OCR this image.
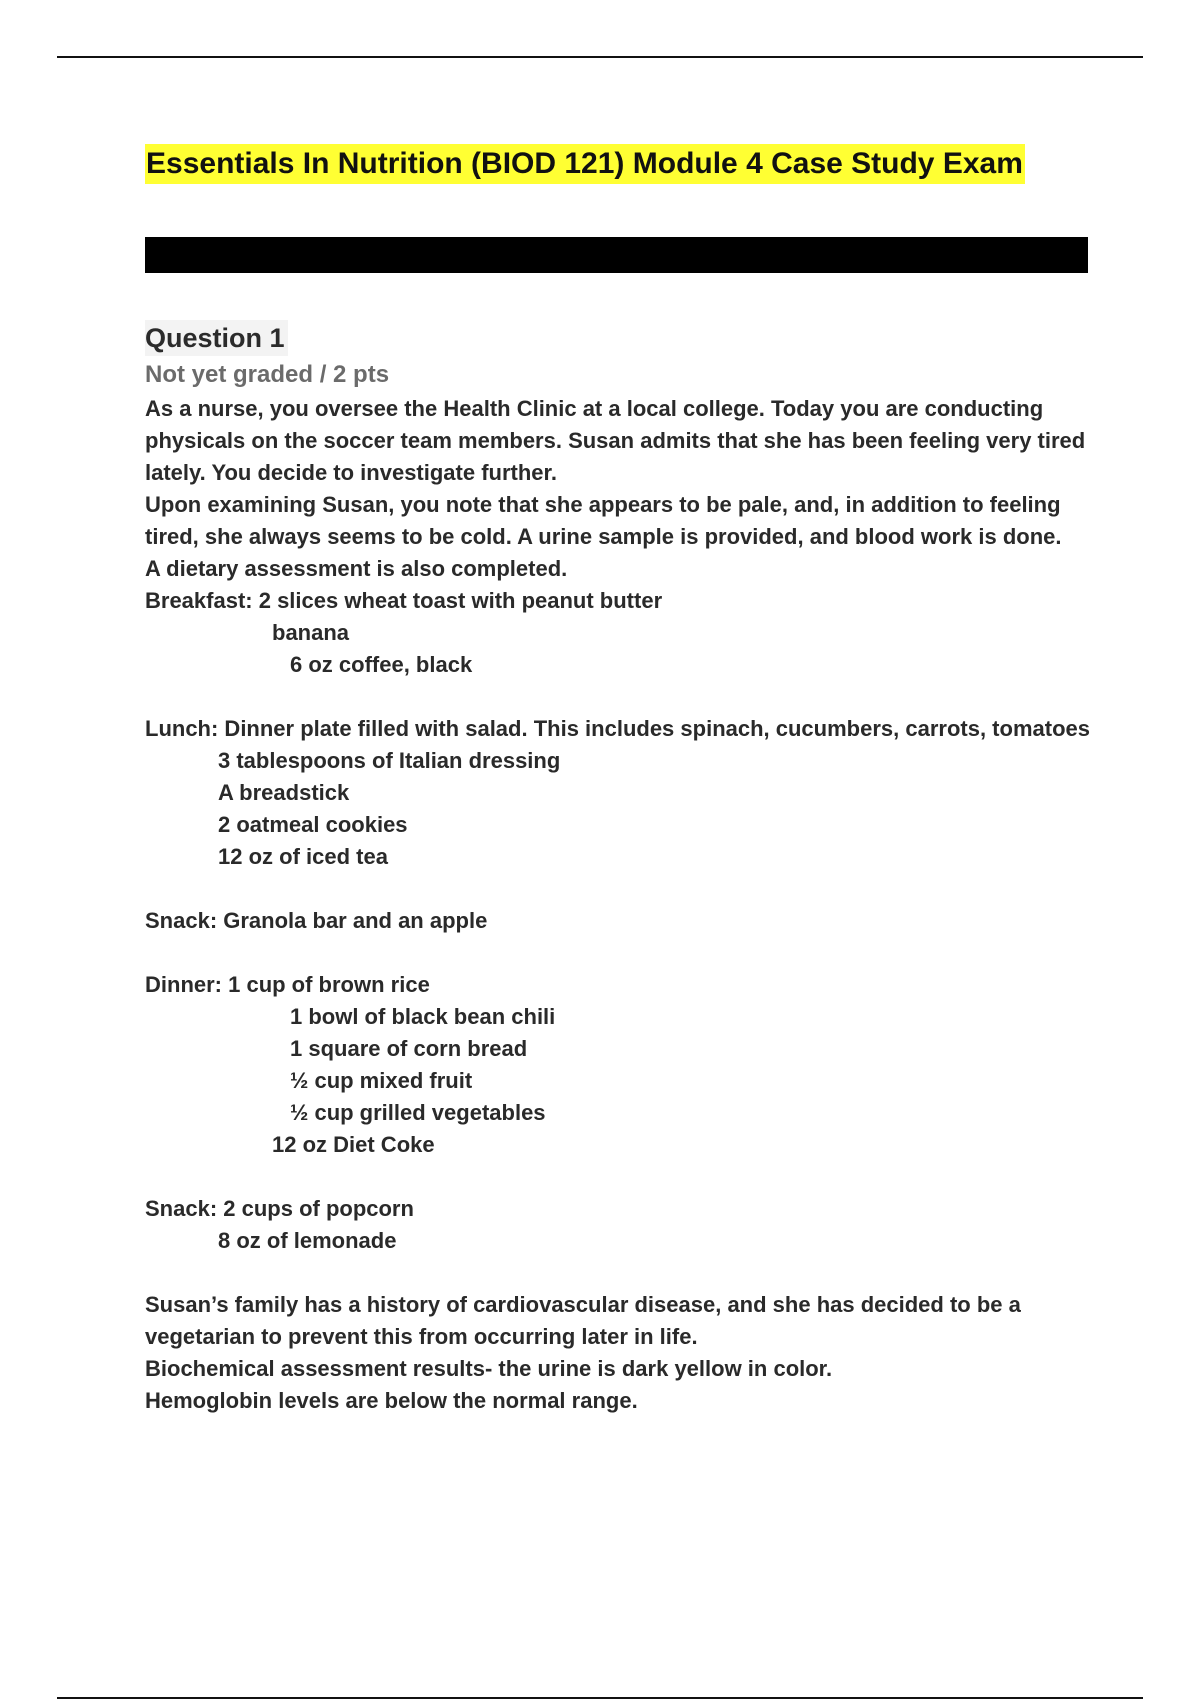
Essentials In Nutrition (BIOD 121) Module 4 Case Study Exam
Question 1
Not yet graded / 2 pts

As a nurse, you oversee the Health Clinic at a local college. Today you are conducting physicals on the soccer team members. Susan admits that she has been feeling very tired lately. You decide to investigate further.

Upon examining Susan, you note that she appears to be pale, and, in addition to feeling tired, she always seems to be cold. A urine sample is provided, and blood work is done.

A dietary assessment is also completed.

Breakfast: 2 slices wheat toast with peanut butter

banana

6 oz coffee, black

Lunch: Dinner plate filled with salad. This includes spinach, cucumbers, carrots, tomatoes

3 tablespoons of Italian dressing

A breadstick

2 oatmeal cookies

12 oz of iced tea

Snack: Granola bar and an apple

Dinner: 1 cup of brown rice

1 bowl of black bean chili

1 square of corn bread

½ cup mixed fruit

½ cup grilled vegetables

12 oz Diet Coke

Snack: 2 cups of popcorn

8 oz of lemonade

Susan’s family has a history of cardiovascular disease, and she has decided to be a vegetarian to prevent this from occurring later in life.

Biochemical assessment results- the urine is dark yellow in color.

Hemoglobin levels are below the normal range.
